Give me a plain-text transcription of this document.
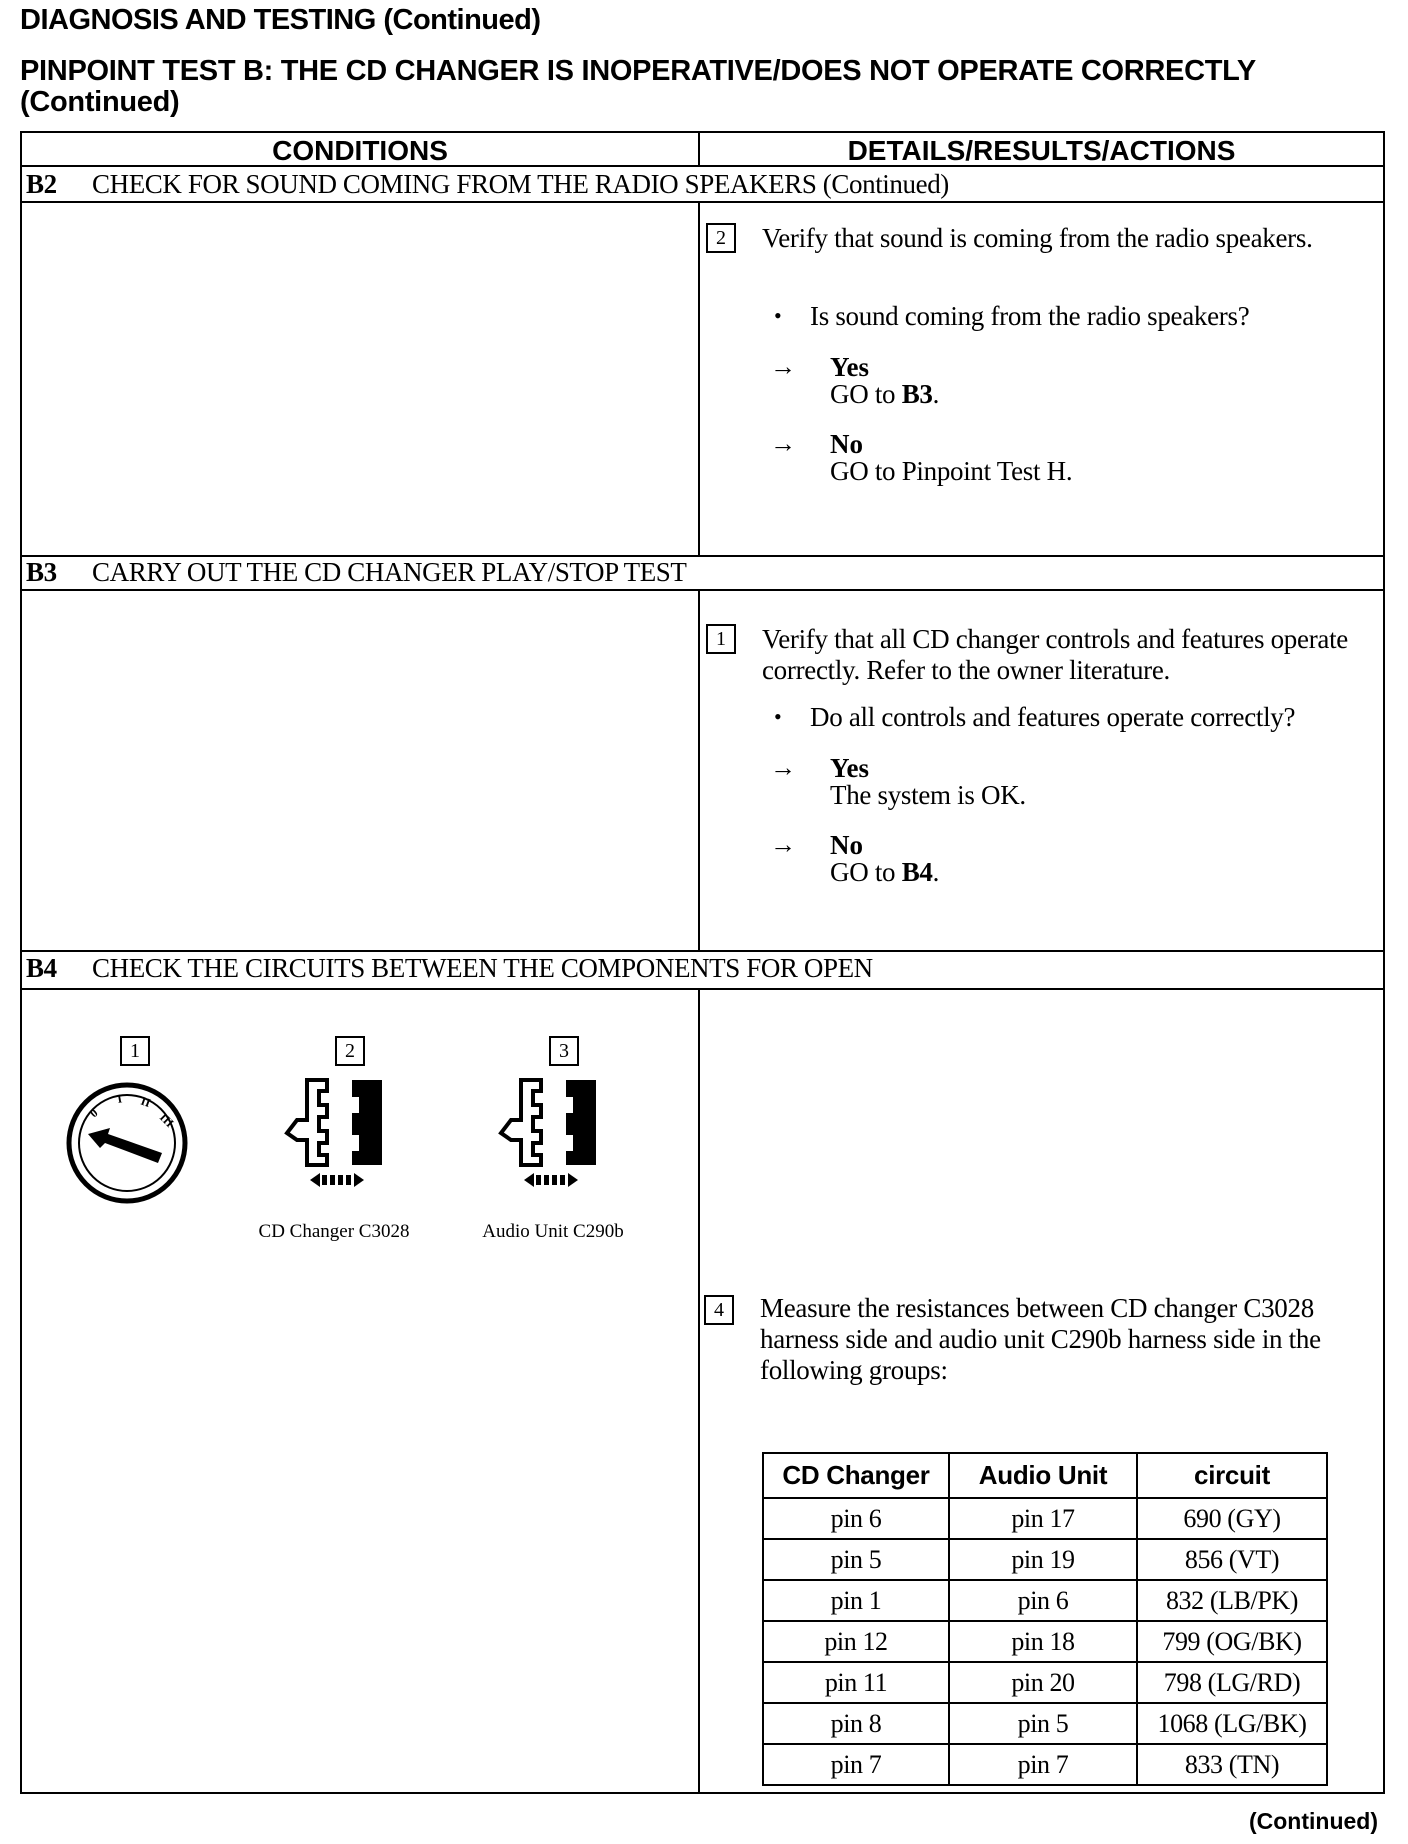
DIAGNOSIS AND TESTING (Continued)
PINPOINT TEST B: THE CD CHANGER IS INOPERATIVE/DOES NOT OPERATE CORRECTLY
(Continued)
CONDITIONS	DETAILS/RESULTS/ACTIONS
B2 CHECK FOR SOUND COMING FROM THE RADIO SPEAKERS (Continued)
2	Verify that sound is coming from the radio speakers.
• Is sound coming from the radio speakers?
→ Yes
GO to B3.
→ No
GO to Pinpoint Test H.
B3 CARRY OUT THE CD CHANGER PLAY/STOP TEST
1	Verify that all CD changer controls and features operate correctly. Refer to the owner literature.
• Do all controls and features operate correctly?
→ Yes
The system is OK.
→ No
GO to B4.
B4 CHECK THE CIRCUITS BETWEEN THE COMPONENTS FOR OPEN
1
0
I II
III
2
CD Changer C3028
3
Audio Unit C290b
4	Measure the resistances between CD changer C3028 harness side and audio unit C290b harness side in the following groups:
CD Changer	Audio Unit	circuit
pin 6	pin 17	690 (GY)
pin 5	pin 19	856 (VT)
pin 1	pin 6	832 (LB/PK)
pin 12	pin 18	799 (OG/BK)
pin 11	pin 20	798 (LG/RD)
pin 8	pin 5	1068 (LG/BK)
pin 7	pin 7	833 (TN)
(Continued)
